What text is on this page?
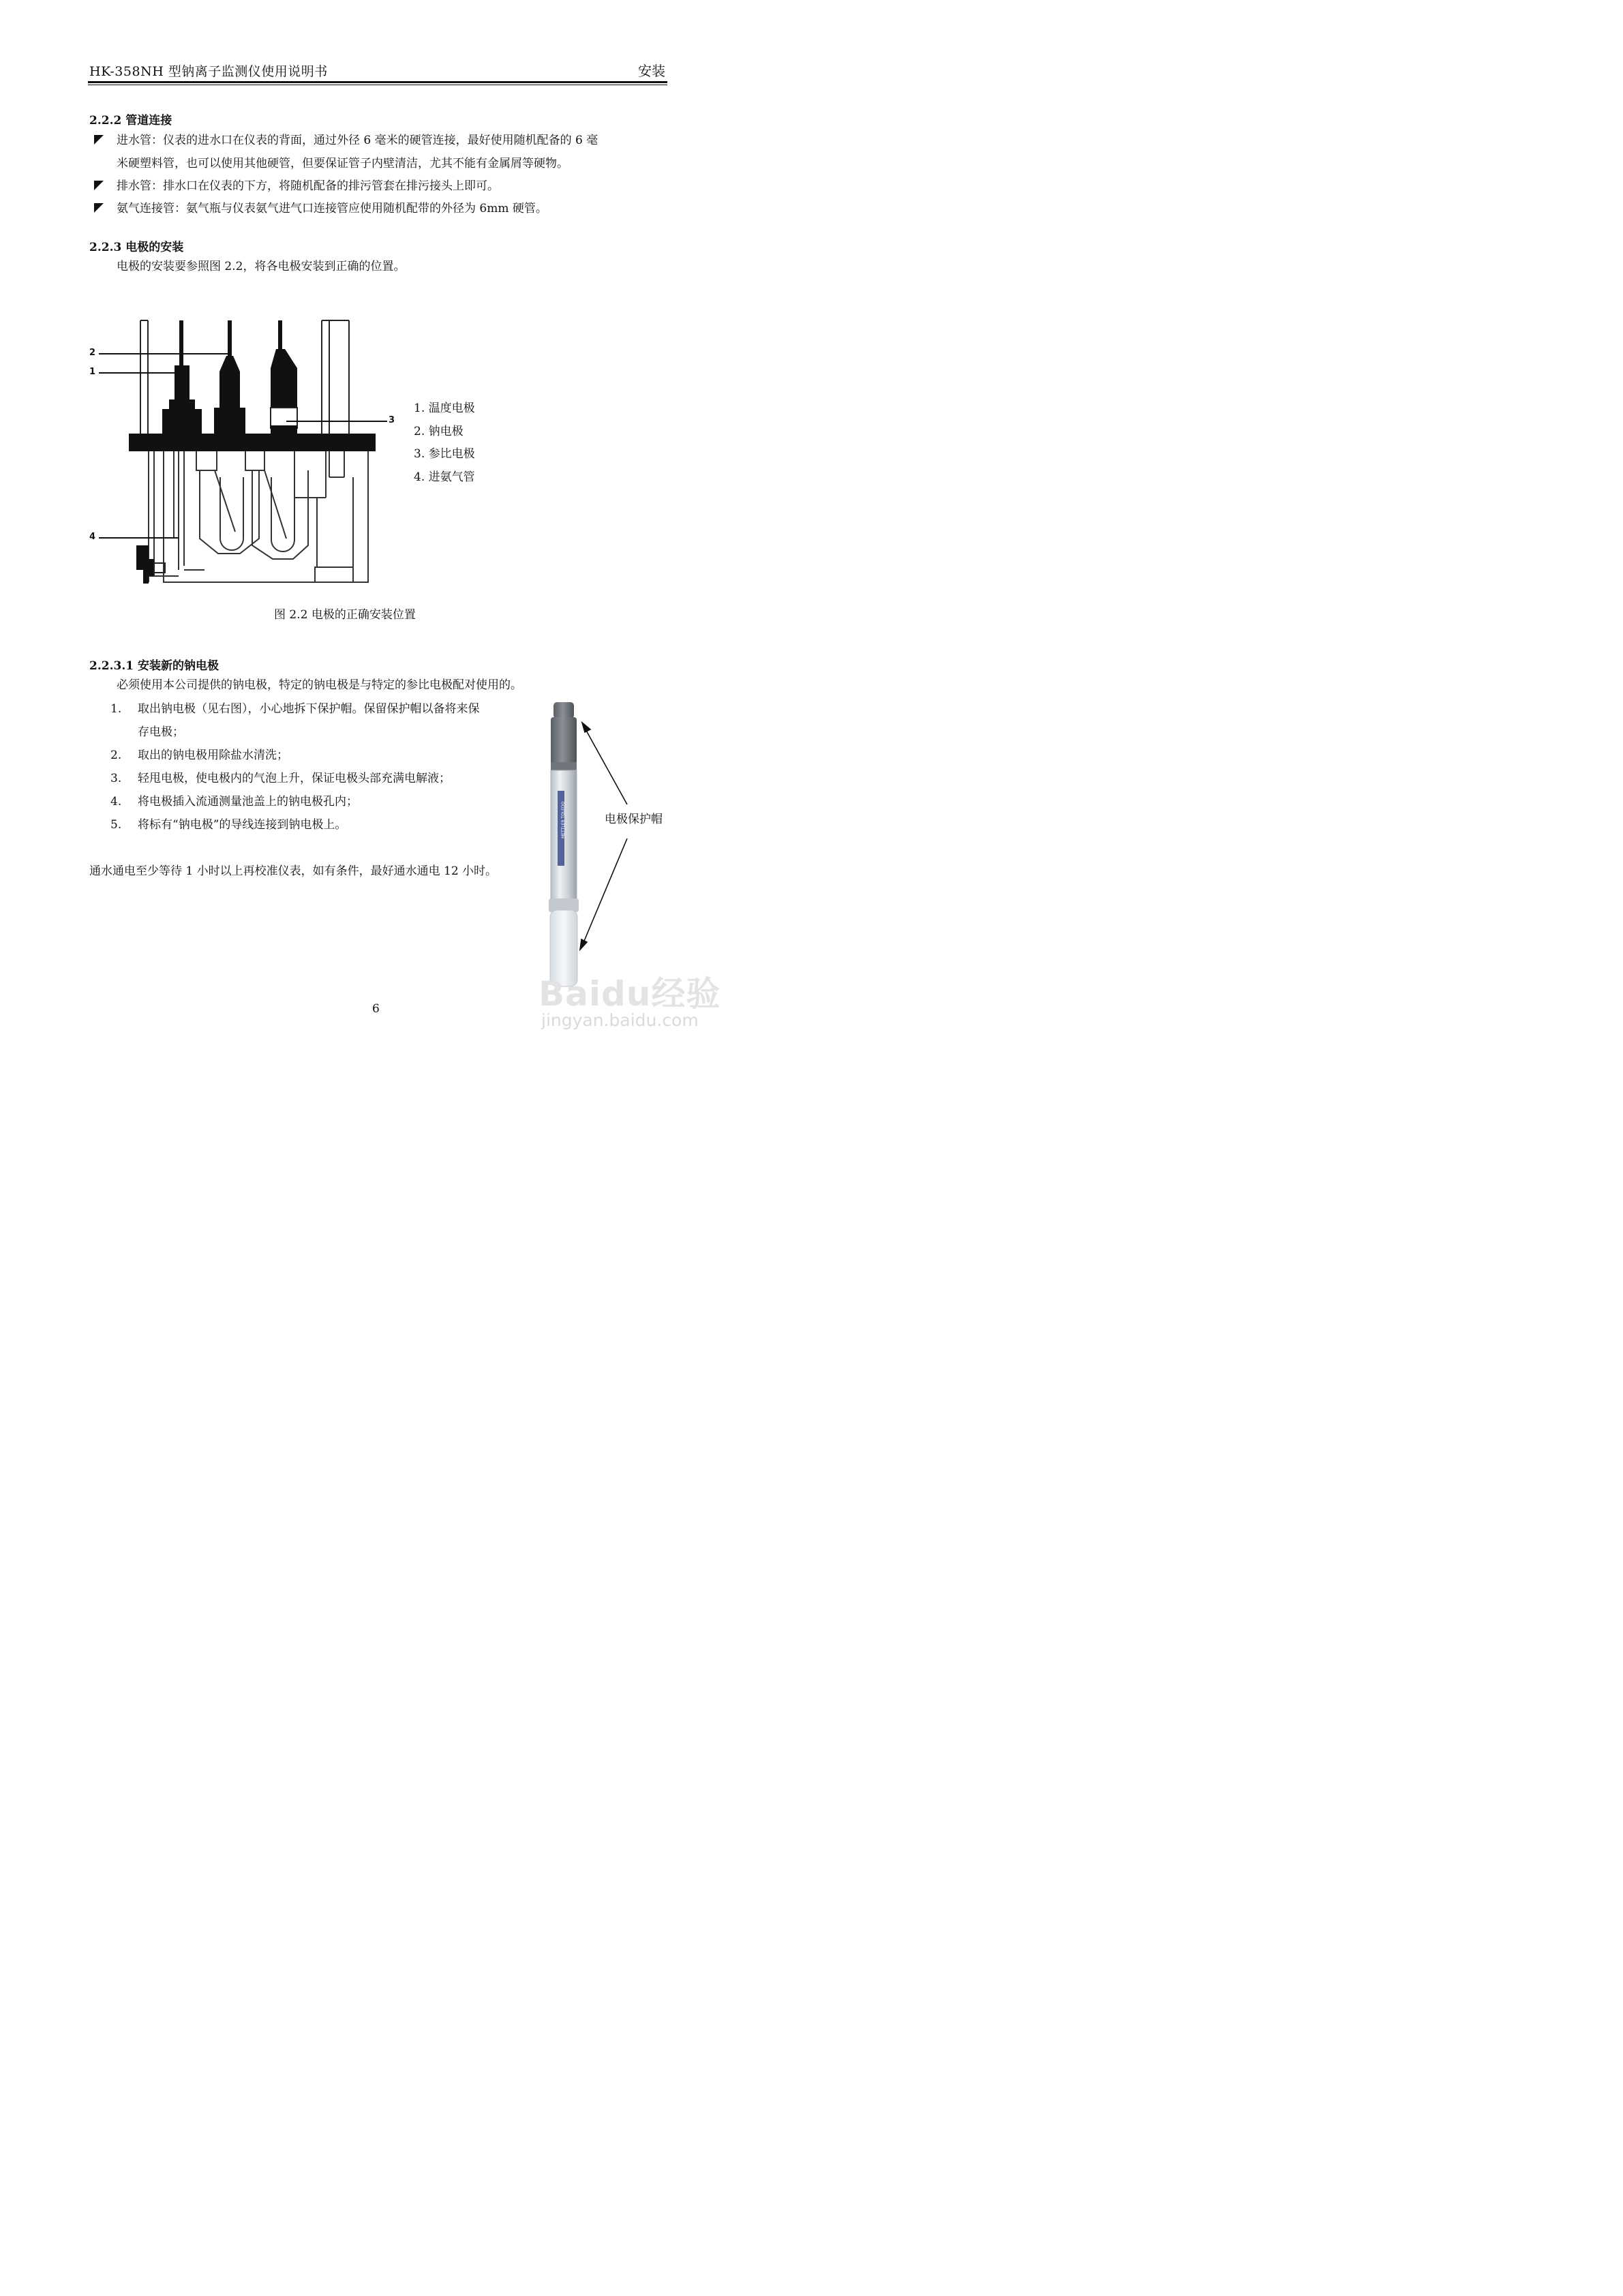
HK-358NH 型钠离子监测仪使用说明书	安装
2.2.2 管道连接
进水管：仪表的进水口在仪表的背面，通过外径 6 毫米的硬管连接，最好使用随机配备的 6 毫
米硬塑料管，也可以使用其他硬管，但要保证管子内壁清洁，尤其不能有金属屑等硬物。
排水管：排水口在仪表的下方，将随机配备的排污管套在排污接头上即可。
氨气连接管：氨气瓶与仪表氨气进气口连接管应使用随机配带的外径为 6mm 硬管。
2.2.3 电极的安装
电极的安装要参照图 2.2，将各电极安装到正确的位置。
2
1
3
4
1. 温度电极
2. 钠电极
3. 参比电极
4. 进氨气管
图 2.2 电极的正确安装位置
2.2.3.1 安装新的钠电极
必须使用本公司提供的钠电极，特定的钠电极是与特定的参比电极配对使用的。
1. 取出钠电极（见右图），小心地拆下保护帽。保留保护帽以备将来保
存电极；
2. 取出的钠电极用除盐水清洗；
3. 轻甩电极，使电极内的气泡上升，保证电极头部充满电解液；
4. 将电极插入流通测量池盖上的钠电极孔内；
5. 将标有“钠电极”的导线连接到钠电极上。
通水通电至少等待 1 小时以上再校准仪表，如有条件，最好通水通电 12 小时。
METTLER TOLEDO	电极保护帽
6	Baidu经验
jingyan.baidu.com
